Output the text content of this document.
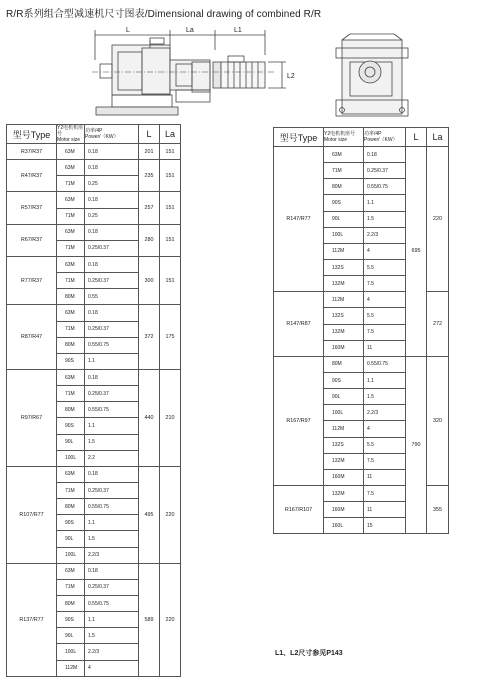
R/R系列组合型减速机尺寸图表/Dimensional drawing of combined R/R
L	La	L1
L2
型号Type	Y2电机机座号
Motor size	功率/4P
Power/（KW）	L	La
R37/R37	63M	0.18	201	151
R47/R37	63M	0.18	235	151
	71M	0.25		
R57/R37	63M	0.18	257	151
	71M	0.25		
R67/R37	63M	0.18	280	151
	71M	0.25/0.37		
R77/R37	63M	0.18	300	151
	71M	0.25/0.37		
	80M	0.55		
R87/R47	63M	0.18	372	175
	71M	0.25/0.37		
	80M	0.55/0.75		
	90S	1.1		
R97/R67	63M	0.18	440	210
	71M	0.25/0.37		
	80M	0.55/0.75		
	90S	1.1		
	90L	1.5		
	100L	2.2		
R107/R77	63M	0.18	495	220
	71M	0.25/0.37		
	80M	0.55/0.75		
	90S	1.1		
	90L	1.5		
	100L	2.2/3		
R137/R77	63M	0.18	589	220
	71M	0.25/0.37		
	80M	0.55/0.75		
	90S	1.1		
	90L	1.5		
	100L	2.2/3		
	112M	4		
型号Type	Y2电机机座号
Motor size	功率/4P
Power/（KW）	L	La
R147/R77	63M	0.18	695	220
	71M	0.25/0.37		
	80M	0.55/0.75		
	90S	1.1		
	90L	1.5		
	100L	2.2/3		
	112M	4		
	132S	5.5		
	132M	7.5		
R147/R87	112M	4		272
	132S	5.5		
	132M	7.5		
	160M	11		
R167/R97	80M	0.55/0.75	790	320
	90S	1.1		
	90L	1.5		
	100L	2.2/3		
	112M	4		
	132S	5.5		
	132M	7.5		
	160M	11		
R167/R107	132M	7.5		355
	160M	11		
	160L	15		
L1、L2尺寸参见P143
